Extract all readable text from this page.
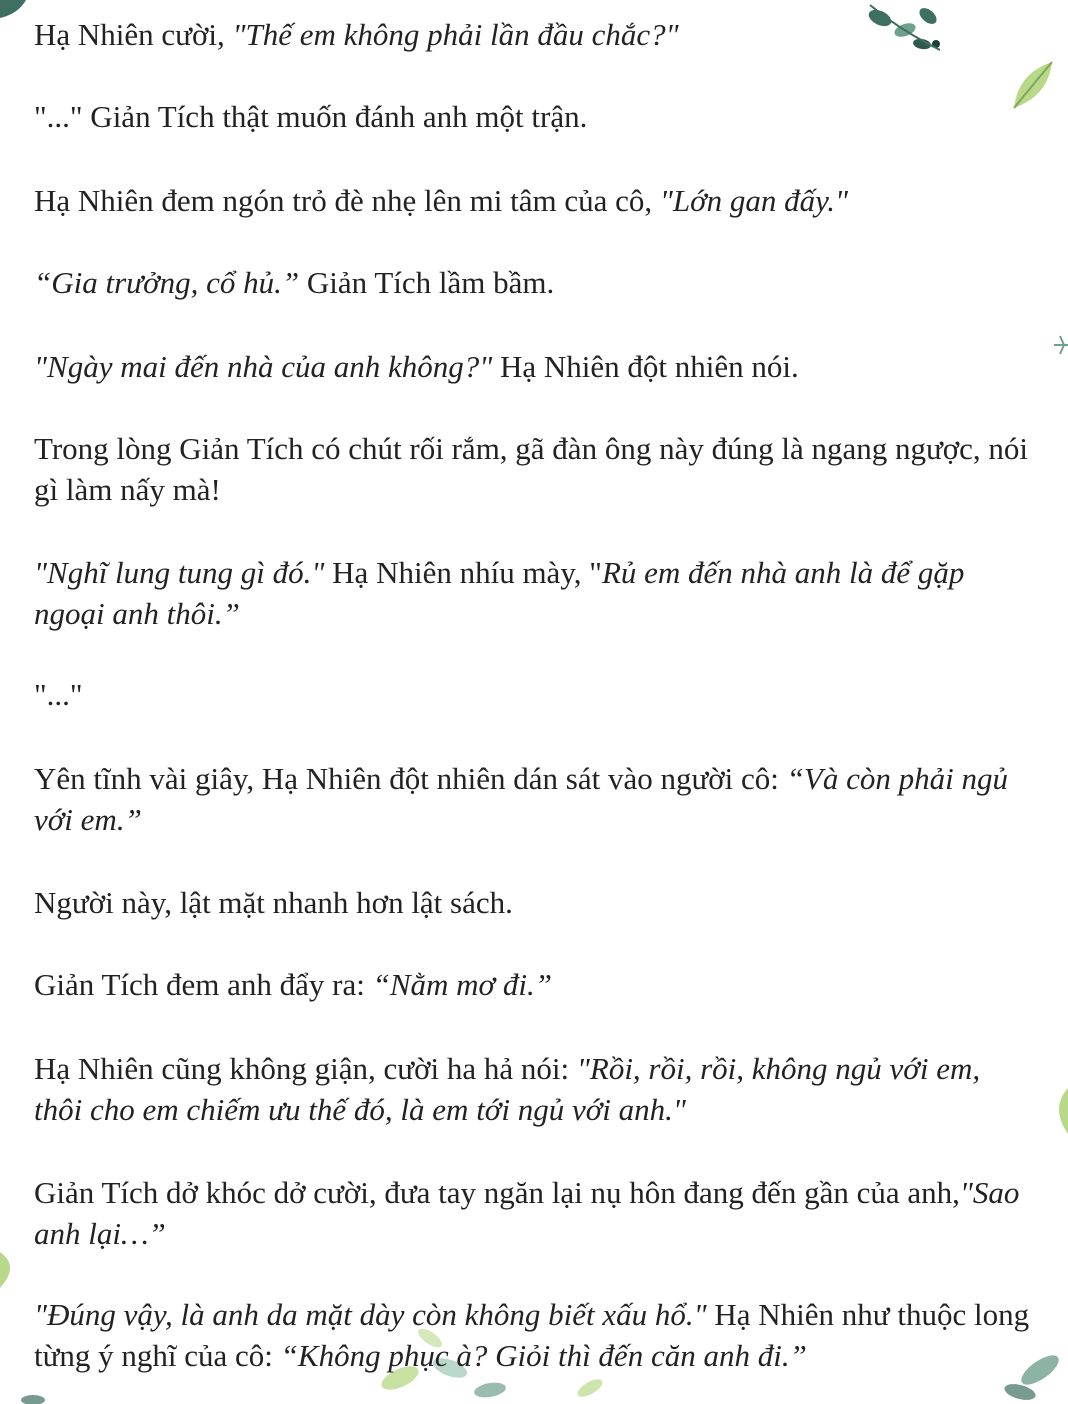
Hạ Nhiên cười, "Thế em không phải lần đầu chắc?"

"..." Giản Tích thật muốn đánh anh một trận.

Hạ Nhiên đem ngón trỏ đè nhẹ lên mi tâm của cô, "Lớn gan đấy."

“Gia trưởng, cổ hủ.” Giản Tích lầm bầm.

"Ngày mai đến nhà của anh không?" Hạ Nhiên đột nhiên nói.

Trong lòng Giản Tích có chút rối rắm, gã đàn ông này đúng là ngang ngược, nói gì làm nấy mà!

"Nghĩ lung tung gì đó." Hạ Nhiên nhíu mày, "Rủ em đến nhà anh là để gặp ngoại anh thôi.”

"..."

Yên tĩnh vài giây, Hạ Nhiên đột nhiên dán sát vào người cô: “Và còn phải ngủ với em.”

Người này, lật mặt nhanh hơn lật sách.

Giản Tích đem anh đẩy ra: “Nằm mơ đi.”

Hạ Nhiên cũng không giận, cười ha hả nói: "Rồi, rồi, rồi, không ngủ với em, thôi cho em chiếm ưu thế đó, là em tới ngủ với anh."

Giản Tích dở khóc dở cười, đưa tay ngăn lại nụ hôn đang đến gần của anh,"Sao anh lại…”

"Đúng vậy, là anh da mặt dày còn không biết xấu hổ." Hạ Nhiên như thuộc long từng ý nghĩ của cô: “Không phục à? Giỏi thì đến căn anh đi.”
